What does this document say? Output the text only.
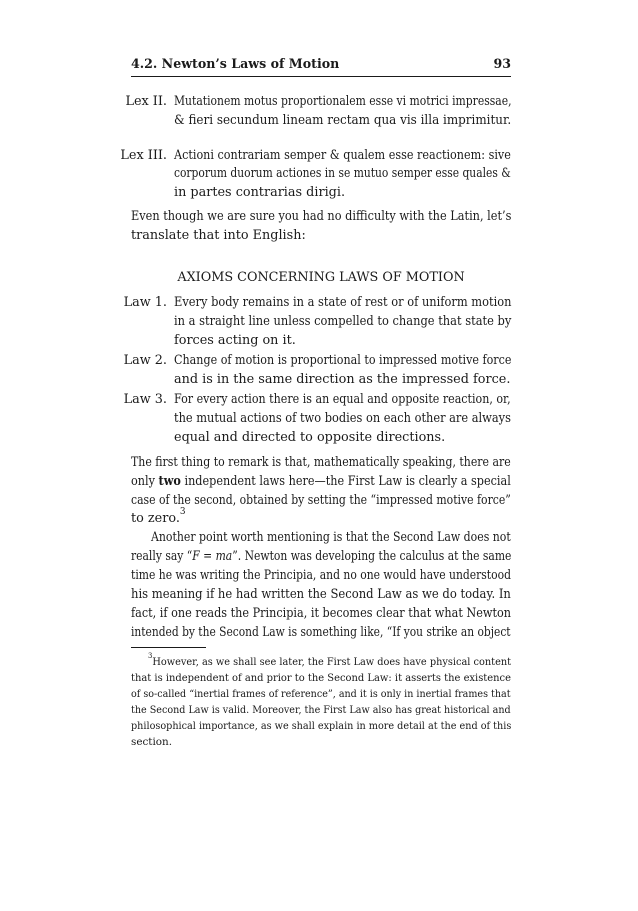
4.2. Newton’s Laws of Motion	93
Lex II. Mutationem motus proportionalem esse vi motrici impressae,
& fieri secundum lineam rectam qua vis illa imprimitur.
Lex III. Actioni contrariam semper & qualem esse reactionem: sive
corporum duorum actiones in se mutuo semper esse quales &
in partes contrarias dirigi.
Even though we are sure you had no difficulty with the Latin, let’s
translate that into English:
AXIOMS CONCERNING LAWS OF MOTION
Law 1. Every body remains in a state of rest or of uniform motion
in a straight line unless compelled to change that state by
forces acting on it.
Law 2. Change of motion is proportional to impressed motive force
and is in the same direction as the impressed force.
Law 3. For every action there is an equal and opposite reaction, or,
the mutual actions of two bodies on each other are always
equal and directed to opposite directions.
The first thing to remark is that, mathematically speaking, there are
only two independent laws here—the First Law is clearly a special
case of the second, obtained by setting the “impressed motive force”
to zero.$^3$
Another point worth mentioning is that the Second Law does not
really say “F = ma”. Newton was developing the calculus at the same
time he was writing the Principia, and no one would have understood
his meaning if he had written the Second Law as we do today. In
fact, if one reads the Principia, it becomes clear that what Newton
intended by the Second Law is something like, “If you strike an object
$^3$However, as we shall see later, the First Law does have physical content
that is independent of and prior to the Second Law: it asserts the existence
of so-called “inertial frames of reference”, and it is only in inertial frames that
the Second Law is valid. Moreover, the First Law also has great historical and
philosophical importance, as we shall explain in more detail at the end of this
section.
